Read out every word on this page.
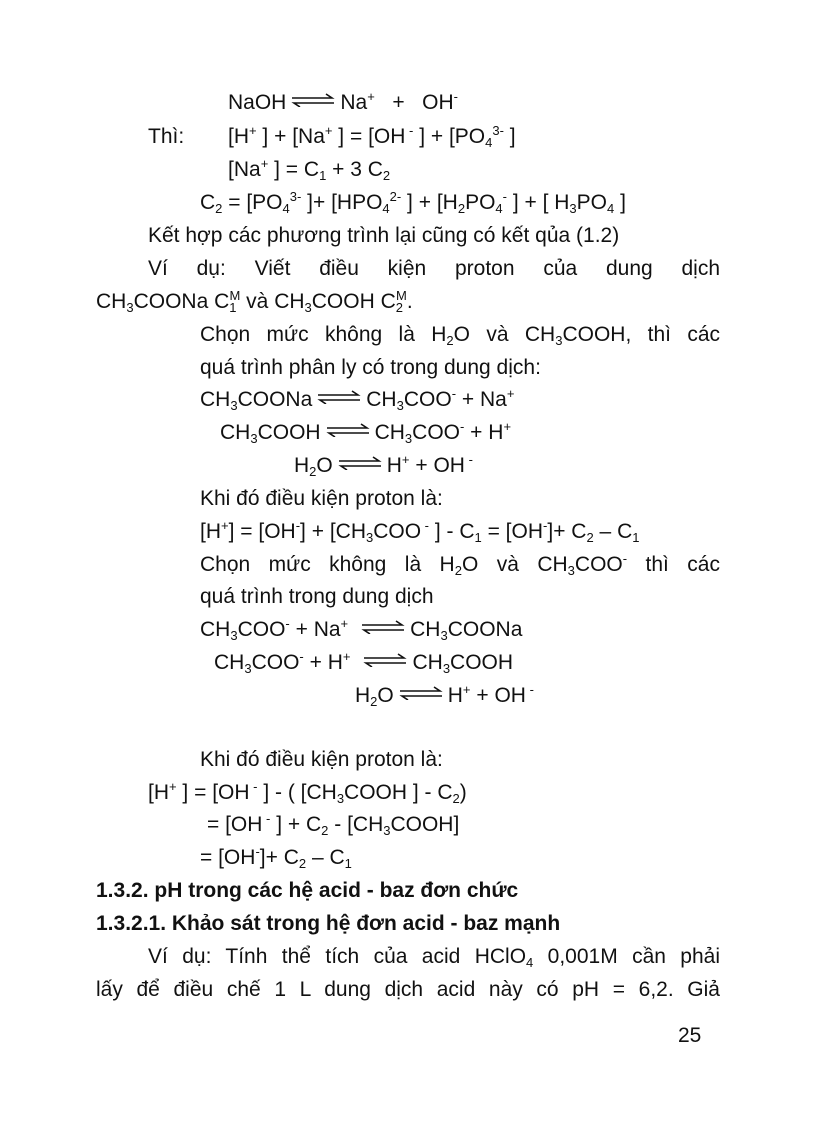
NaOH ⇌ Na+ + OH-
Thì: [H+ ] + [Na+ ] = [OH - ] + [$PO_4^{3-}$ ]
[Na+ ] = $C_1 + 3$ $C_2$
$C_2 = [PO_4^{3-}$ ]+ [$HPO_4^{2-}$ ] + [$H_2PO_4^-$ ] + [ $H_3PO_4$ ]
Kết hợp các phương trình lại cũng có kết qủa (1.2)
Ví dụ: Viết điều kiện proton của dung dịch
$CH_3COONa$ $C_1^M$ và $CH_3COOH$ $C_2^M$.
Chọn mức không là $H_2O$ và $CH_3COOH$, thì các
quá trình phân ly có trong dung dịch:
$CH_3COONa$ ⇌ $CH_3COO^- + Na^+$
$CH_3COOH$ ⇌ $CH_3COO^- + H^+$
$H_2O$ ⇌ H+ + OH -
Khi đó điều kiện proton là:
$[H^+] = [OH^-] + [CH_3COO$ - ] - $C_1 = [OH^-]+ C_2 - C_1$
Chọn mức không là $H_2O$ và $CH_3COO^-$ thì các
quá trình trong dung dịch
$CH_3COO^- + Na^+$ ⇌ $CH_3COONa$
$CH_3COO^- + H^+$ ⇌ $CH_3COOH$
$H_2O$ ⇌ H+ + OH -
Khi đó điều kiện proton là:
[H+ ] = [OH - ] - ( [$CH_3COOH$ ] - $C_2$)
= [OH - ] + $C_2$ - $[CH_3COOH]$
= $[OH^-]+ C_2 - C_1$
1.3.2. pH trong các hệ acid - baz đơn chức
1.3.2.1. Khảo sát trong hệ đơn acid - baz mạnh
Ví dụ: Tính thể tích của acid HClO$_4$ 0,001M cần phải
lấy để điều chế 1 L dung dịch acid này có pH = 6,2. Giả
25
